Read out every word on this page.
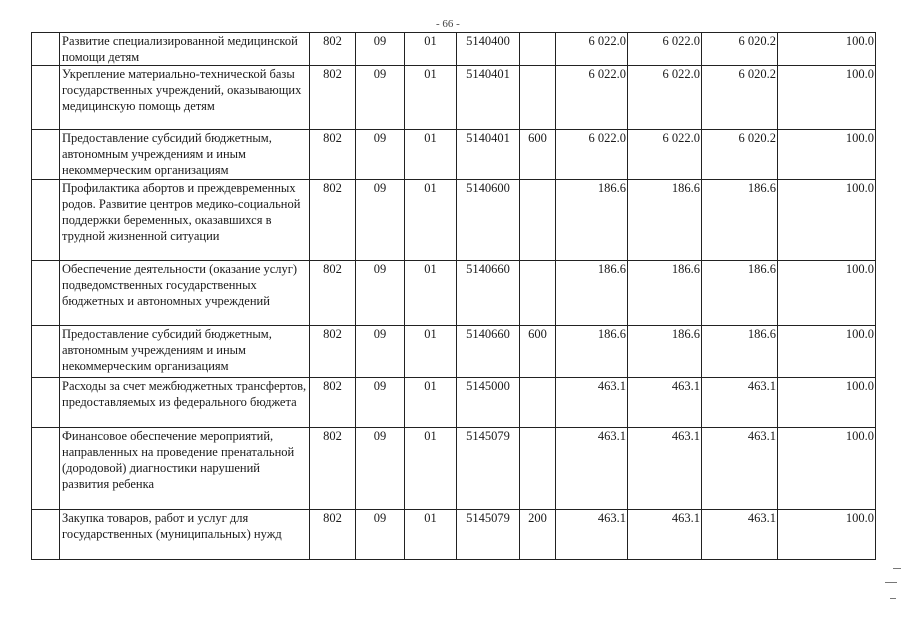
- 66 -
	Развитие специализированной медицинской помощи детям	802	09	01	5140400		6 022.0	6 022.0	6 020.2	100.0
	Укрепление материально-технической базы государственных учреждений, оказывающих медицинскую помощь детям	802	09	01	5140401		6 022.0	6 022.0	6 020.2	100.0
	Предоставление субсидий бюджетным, автономным учреждениям и иным некоммерческим организациям	802	09	01	5140401	600	6 022.0	6 022.0	6 020.2	100.0
	Профилактика абортов и преждевременных родов. Развитие центров медико-социальной поддержки беременных, оказавшихся в трудной жизненной ситуации	802	09	01	5140600		186.6	186.6	186.6	100.0
	Обеспечение деятельности (оказание услуг) подведомственных государственных бюджетных и автономных учреждений	802	09	01	5140660		186.6	186.6	186.6	100.0
	Предоставление субсидий бюджетным, автономным учреждениям и иным некоммерческим организациям	802	09	01	5140660	600	186.6	186.6	186.6	100.0
	Расходы за счет межбюджетных трансфертов, предоставляемых из федерального бюджета	802	09	01	5145000		463.1	463.1	463.1	100.0
	Финансовое обеспечение мероприятий, направленных на проведение пренатальной (дородовой) диагностики нарушений развития ребенка	802	09	01	5145079		463.1	463.1	463.1	100.0
	Закупка товаров, работ и услуг для государственных (муниципальных) нужд	802	09	01	5145079	200	463.1	463.1	463.1	100.0
